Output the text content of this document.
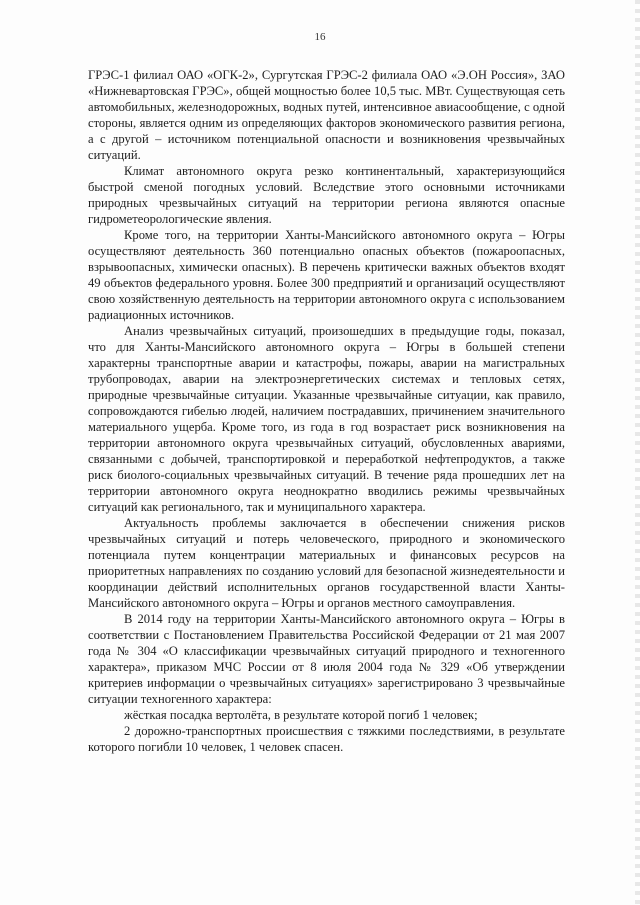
16

ГРЭС-1 филиал ОАО «ОГК-2», Сургутская ГРЭС-2 филиала ОАО «Э.ОН Россия», ЗАО «Нижневартовская ГРЭС», общей мощностью более 10,5 тыс. МВт. Существующая сеть автомобильных, железнодорожных, водных путей, интенсивное авиасообщение, с одной стороны, является одним из определяющих факторов экономического развития региона, а с другой – источником потенциальной опасности и возникновения чрезвычайных ситуаций.

Климат автономного округа резко континентальный, характеризующийся быстрой сменой погодных условий. Вследствие этого основными источниками природных чрезвычайных ситуаций на территории региона являются опасные гидрометеорологические явления.

Кроме того, на территории Ханты-Мансийского автономного округа – Югры осуществляют деятельность 360 потенциально опасных объектов (пожароопасных, взрывоопасных, химически опасных). В перечень критически важных объектов входят 49 объектов федерального уровня. Более 300 предприятий и организаций осуществляют свою хозяйственную деятельность на территории автономного округа с использованием радиационных источников.

Анализ чрезвычайных ситуаций, произошедших в предыдущие годы, показал, что для Ханты-Мансийского автономного округа – Югры в большей степени характерны транспортные аварии и катастрофы, пожары, аварии на магистральных трубопроводах, аварии на электроэнергетических системах и тепловых сетях, природные чрезвычайные ситуации. Указанные чрезвычайные ситуации, как правило, сопровождаются гибелью людей, наличием пострадавших, причинением значительного материального ущерба. Кроме того, из года в год возрастает риск возникновения на территории автономного округа чрезвычайных ситуаций, обусловленных авариями, связанными с добычей, транспортировкой и переработкой нефтепродуктов, а также риск биолого-социальных чрезвычайных ситуаций. В течение ряда прошедших лет на территории автономного округа неоднократно вводились режимы чрезвычайных ситуаций как регионального, так и муниципального характера.

Актуальность проблемы заключается в обеспечении снижения рисков чрезвычайных ситуаций и потерь человеческого, природного и экономического потенциала путем концентрации материальных и финансовых ресурсов на приоритетных направлениях по созданию условий для безопасной жизнедеятельности и координации действий исполнительных органов государственной власти Ханты-Мансийского автономного округа – Югры и органов местного самоуправления.

В 2014 году на территории Ханты-Мансийского автономного округа – Югры в соответствии с Постановлением Правительства Российской Федерации от 21 мая 2007 года № 304 «О классификации чрезвычайных ситуаций природного и техногенного характера», приказом МЧС России от 8 июля 2004 года № 329 «Об утверждении критериев информации о чрезвычайных ситуациях» зарегистрировано 3 чрезвычайные ситуации техногенного характера:

жёсткая посадка вертолёта, в результате которой погиб 1 человек;

2 дорожно-транспортных происшествия с тяжкими последствиями, в результате которого погибли 10 человек, 1 человек спасен.
